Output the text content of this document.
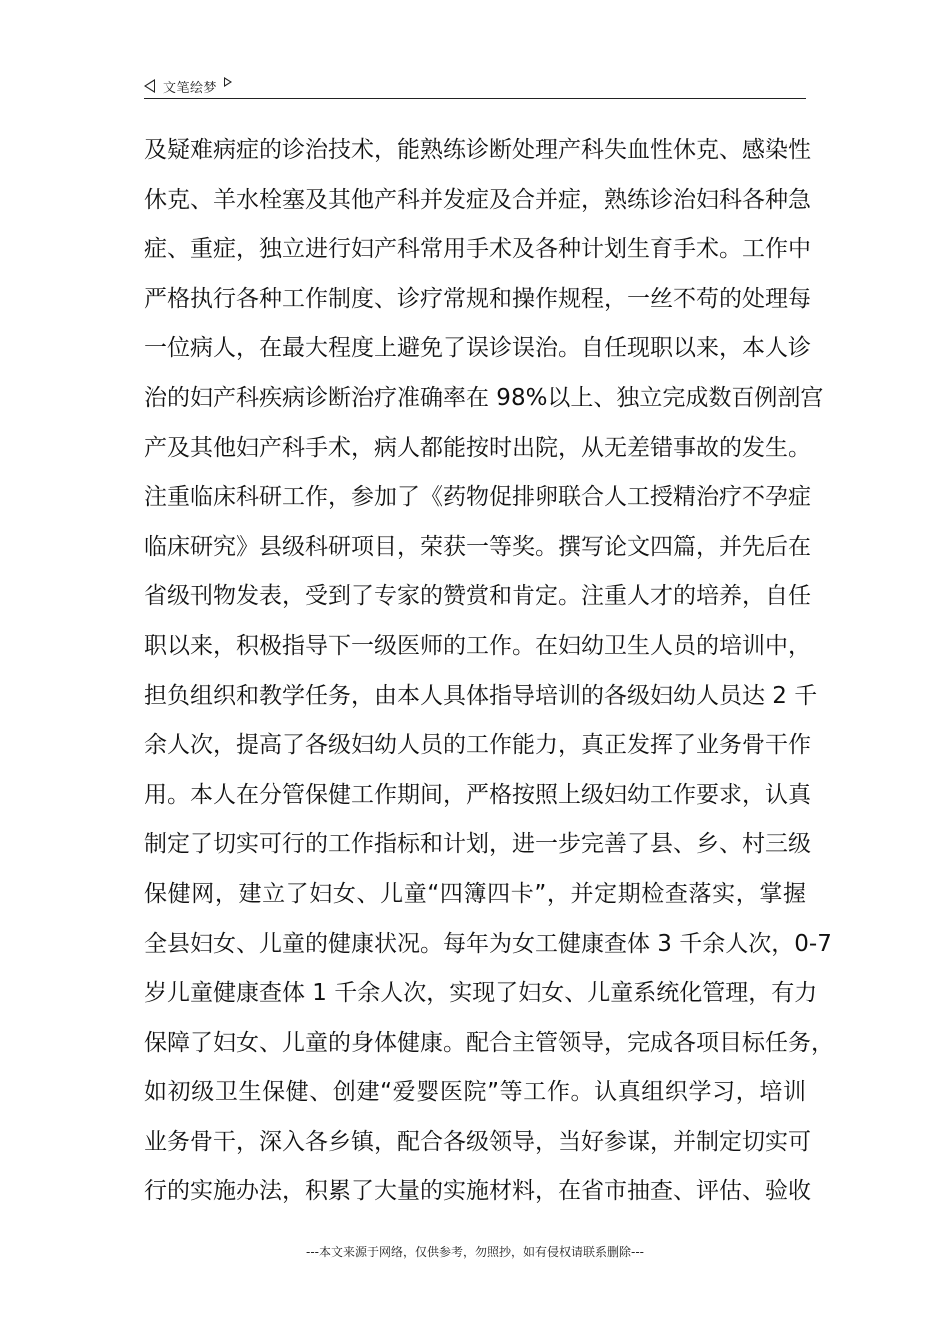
文笔绘梦
及疑难病症的诊治技术，能熟练诊断处理产科失血性休克、感染性
休克、羊水栓塞及其他产科并发症及合并症，熟练诊治妇科各种急
症、重症，独立进行妇产科常用手术及各种计划生育手术。工作中
严格执行各种工作制度、诊疗常规和操作规程，一丝不苟的处理每
一位病人，在最大程度上避免了误诊误治。自任现职以来，本人诊
治的妇产科疾病诊断治疗准确率在 98%以上、独立完成数百例剖宫
产及其他妇产科手术，病人都能按时出院，从无差错事故的发生。
注重临床科研工作，参加了《药物促排卵联合人工授精治疗不孕症
临床研究》县级科研项目，荣获一等奖。撰写论文四篇，并先后在
省级刊物发表，受到了专家的赞赏和肯定。注重人才的培养，自任
职以来，积极指导下一级医师的工作。在妇幼卫生人员的培训中，
担负组织和教学任务，由本人具体指导培训的各级妇幼人员达 2 千
余人次，提高了各级妇幼人员的工作能力，真正发挥了业务骨干作
用。本人在分管保健工作期间，严格按照上级妇幼工作要求，认真
制定了切实可行的工作指标和计划，进一步完善了县、乡、村三级
保健网，建立了妇女、儿童“四簿四卡”，并定期检查落实，掌握
全县妇女、儿童的健康状况。每年为女工健康查体 3 千余人次，0-7
岁儿童健康查体 1 千余人次，实现了妇女、儿童系统化管理，有力
保障了妇女、儿童的身体健康。配合主管领导，完成各项目标任务，
如初级卫生保健、创建“爱婴医院”等工作。认真组织学习，培训
业务骨干，深入各乡镇，配合各级领导，当好参谋，并制定切实可
行的实施办法，积累了大量的实施材料，在省市抽查、评估、验收
---本文来源于网络，仅供参考，勿照抄，如有侵权请联系删除---
